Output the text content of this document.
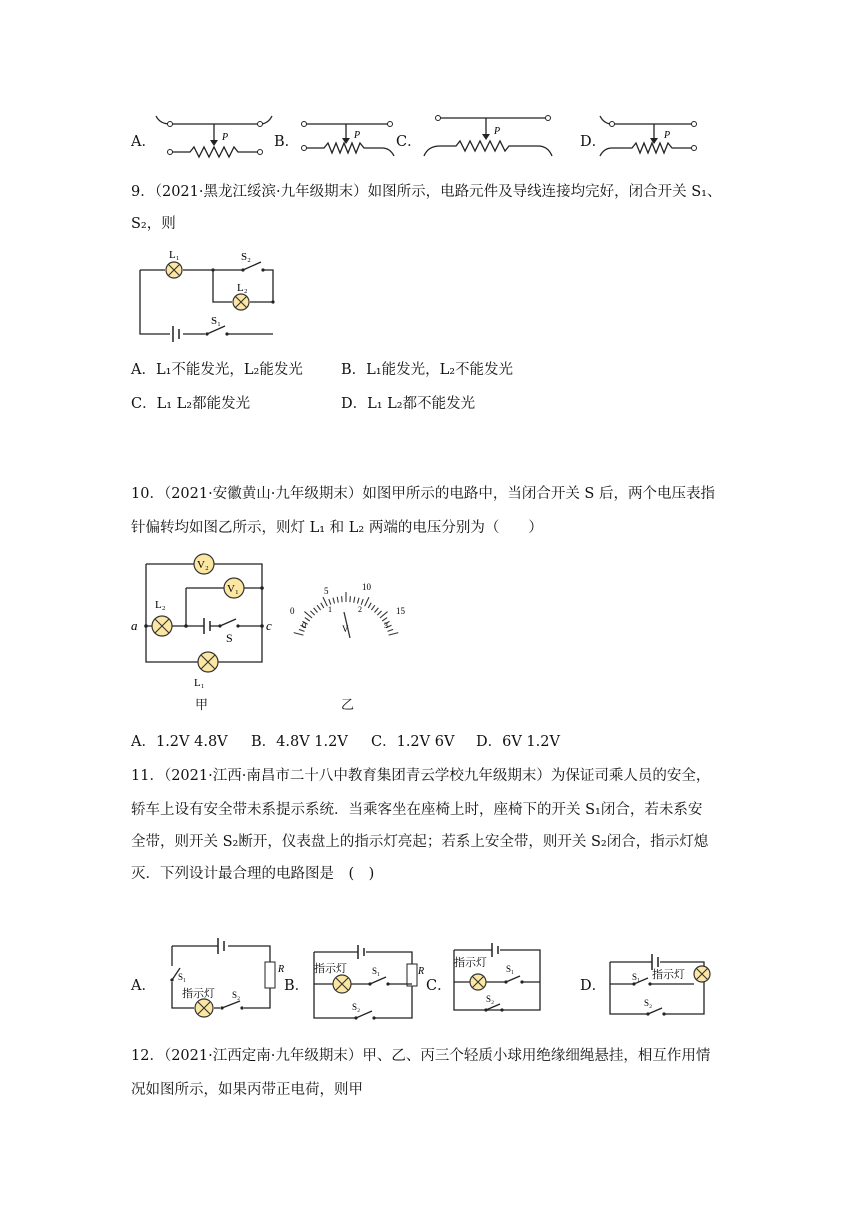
A．	B．	C．	D．
P	P	P	P
9．（2021·黑龙江绥滨·九年级期末）如图所示，电路元件及导线连接均完好，闭合开关 S₁、
S₂，则
L₁	S₂
L₂
S₁
A．L₁不能发光，L₂能发光	B．L₁能发光，L₂不能发光
C．L₁ L₂都能发光	D．L₁ L₂都不能发光
10．（2021·安徽黄山·九年级期末）如图甲所示的电路中，当闭合开关 S 后，两个电压表指
针偏转均如图乙所示，则灯 L₁ 和 L₂ 两端的电压分别为（　　）
V₂
V₁
L₂
S
a	c
L₁
甲
0
5	10
15
0
1	2
3
V
乙
A．1.2V 4.8V B．4.8V 1.2V C．1.2V 6V D．6V 1.2V
11．（2021·江西·南昌市二十八中教育集团青云学校九年级期末）为保证司乘人员的安全，
轿车上设有安全带未系提示系统．当乘客坐在座椅上时，座椅下的开关 S₁闭合，若未系安
全带，则开关 S₂断开，仪表盘上的指示灯亮起；若系上安全带，则开关 S₂闭合，指示灯熄
灭．下列设计最合理的电路图是　(　)
A．	B．	C．	D．
R
S₁
指示灯 S₂
R
指示灯	S₁
S₂
指示灯 S₁
S₂
S₁ 指示灯
S₂
12．（2021·江西定南·九年级期末）甲、乙、丙三个轻质小球用绝缘细绳悬挂，相互作用情
况如图所示，如果丙带正电荷，则甲
